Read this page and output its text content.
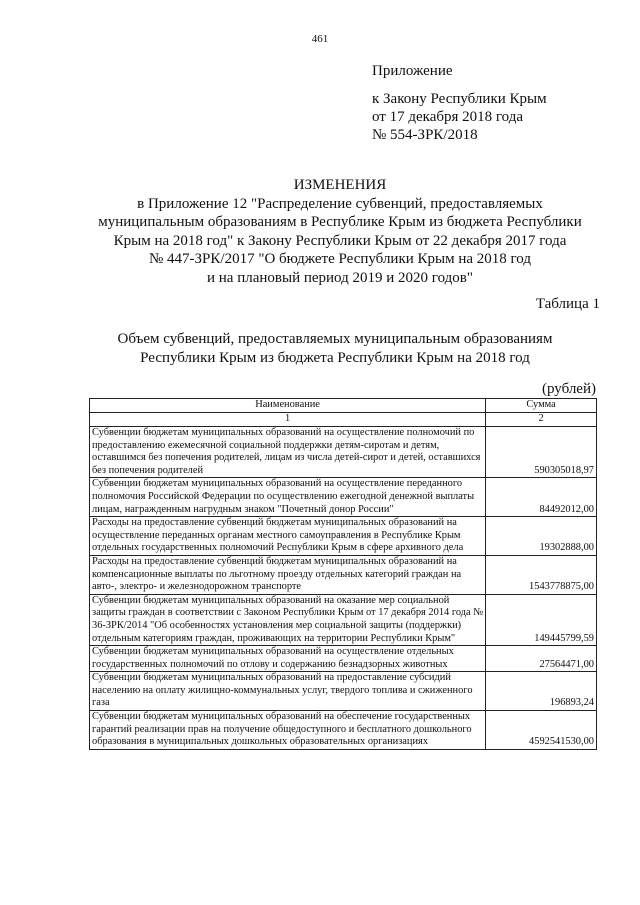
461
Приложение
к Закону Республики Крым
от 17 декабря 2018 года
№ 554-ЗРК/2018
ИЗМЕНЕНИЯ
в Приложение 12 "Распределение субвенций, предоставляемых
муниципальным образованиям в Республике Крым из бюджета Республики
Крым на 2018 год" к Закону Республики Крым от 22 декабря 2017 года
№ 447-ЗРК/2017 "О бюджете Республики Крым на 2018 год
и на плановый период 2019 и 2020 годов"
Таблица 1
Объем субвенций, предоставляемых муниципальным образованиям
Республики Крым из бюджета Республики Крым на 2018 год
(рублей)
Наименование	Сумма
1	2
Субвенции бюджетам муниципальных образований на осуществление полномочий по предоставлению ежемесячной социальной поддержки детям-сиротам и детям, оставшимся без попечения родителей, лицам из числа детей-сирот и детей, оставшихся без попечения родителей	590305018,97
Субвенции бюджетам муниципальных образований на осуществление переданного полномочия Российской Федерации по осуществлению ежегодной денежной выплаты лицам, награжденным нагрудным знаком "Почетный донор России"	84492012,00
Расходы на предоставление субвенций бюджетам муниципальных образований на осуществление переданных органам местного самоуправления в Республике Крым отдельных государственных полномочий Республики Крым в сфере архивного дела	19302888,00
Расходы на предоставление субвенций бюджетам муниципальных образований на компенсационные выплаты по льготному проезду отдельных категорий граждан на авто-, электро- и железнодорожном транспорте	1543778875,00
Субвенции бюджетам муниципальных образований на оказание мер социальной защиты граждан в соответствии с Законом Республики Крым от 17 декабря 2014 года № 36-ЗРК/2014 "Об особенностях установления мер социальной защиты (поддержки) отдельным категориям граждан, проживающих на территории Республики Крым"	149445799,59
Субвенции бюджетам муниципальных образований на осуществление отдельных государственных полномочий по отлову и содержанию безнадзорных животных	27564471,00
Субвенции бюджетам муниципальных образований на предоставление субсидий населению на оплату жилищно-коммунальных услуг, твердого топлива и сжиженного газа	196893,24
Субвенции бюджетам муниципальных образований на обеспечение государственных гарантий реализации прав на получение общедоступного и бесплатного дошкольного образования в муниципальных дошкольных образовательных организациях	4592541530,00
